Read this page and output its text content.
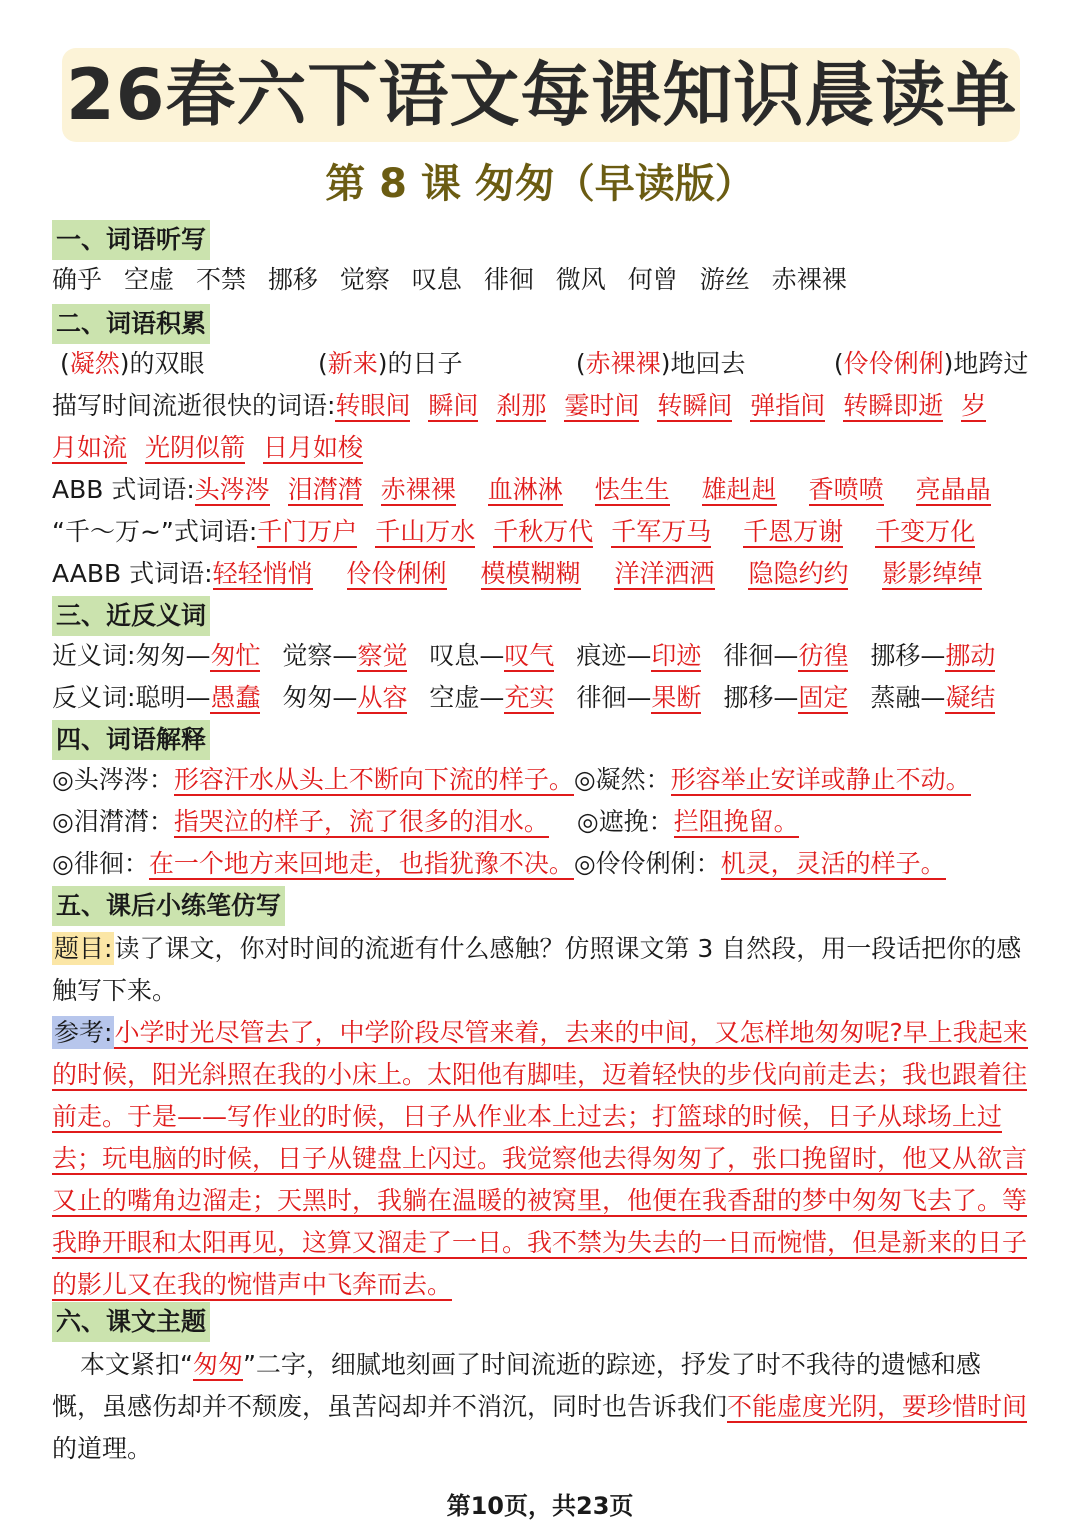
26春六下语文每课知识晨读单
第 8 课 匆匆（早读版）
一、词语听写
确乎 空虚 不禁 挪移 觉察 叹息 徘徊 微风 何曾 游丝 赤裸裸
二、词语积累
(凝然)的双眼	(新来)的日子	(赤裸裸)地回去	(伶伶俐俐)地跨过
描写时间流逝很快的词语:转眼间 瞬间 刹那 霎时间 转瞬间 弹指间 转瞬即逝 岁
月如流 光阴似箭 日月如梭
ABB 式词语:头涔涔 泪潸潸 赤裸裸 血淋淋 怯生生 雄赳赳 香喷喷 亮晶晶
“千～万~”式词语:千门万户 千山万水 千秋万代 千军万马 千恩万谢 千变万化
AABB 式词语:轻轻悄悄 伶伶俐俐 模模糊糊 洋洋洒洒 隐隐约约 影影绰绰
三、近反义词
近义词:匆匆—匆忙 觉察—察觉 叹息—叹气 痕迹—印迹 徘徊—彷徨 挪移—挪动
反义词:聪明—愚蠢 匆匆—从容 空虚—充实 徘徊—果断 挪移—固定 蒸融—凝结
四、词语解释
◎头涔涔：形容汗水从头上不断向下流的样子。◎凝然：形容举止安详或静止不动。
◎泪潸潸：指哭泣的样子，流了很多的泪水。 ◎遮挽：拦阻挽留。
◎徘徊：在一个地方来回地走，也指犹豫不决。◎伶伶俐俐：机灵，灵活的样子。
五、课后小练笔仿写
题目:读了课文，你对时间的流逝有什么感触？仿照课文第 3 自然段，用一段话把你的感触写下来。
参考:小学时光尽管去了，中学阶段尽管来着，去来的中间，又怎样地匆匆呢?早上我起来的时候，阳光斜照在我的小床上。太阳他有脚哇，迈着轻快的步伐向前走去；我也跟着往前走。于是——写作业的时候，日子从作业本上过去；打篮球的时候，日子从球场上过去；玩电脑的时候，日子从键盘上闪过。我觉察他去得匆匆了，张口挽留时，他又从欲言又止的嘴角边溜走；天黑时，我躺在温暖的被窝里，他便在我香甜的梦中匆匆飞去了。等我睁开眼和太阳再见，这算又溜走了一日。我不禁为失去的一日而惋惜，但是新来的日子的影儿又在我的惋惜声中飞奔而去。
六、课文主题
本文紧扣“匆匆”二字，细腻地刻画了时间流逝的踪迹，抒发了时不我待的遗憾和感慨，虽感伤却并不颓废，虽苦闷却并不消沉，同时也告诉我们不能虚度光阴，要珍惜时间的道理。
第10页，共23页
